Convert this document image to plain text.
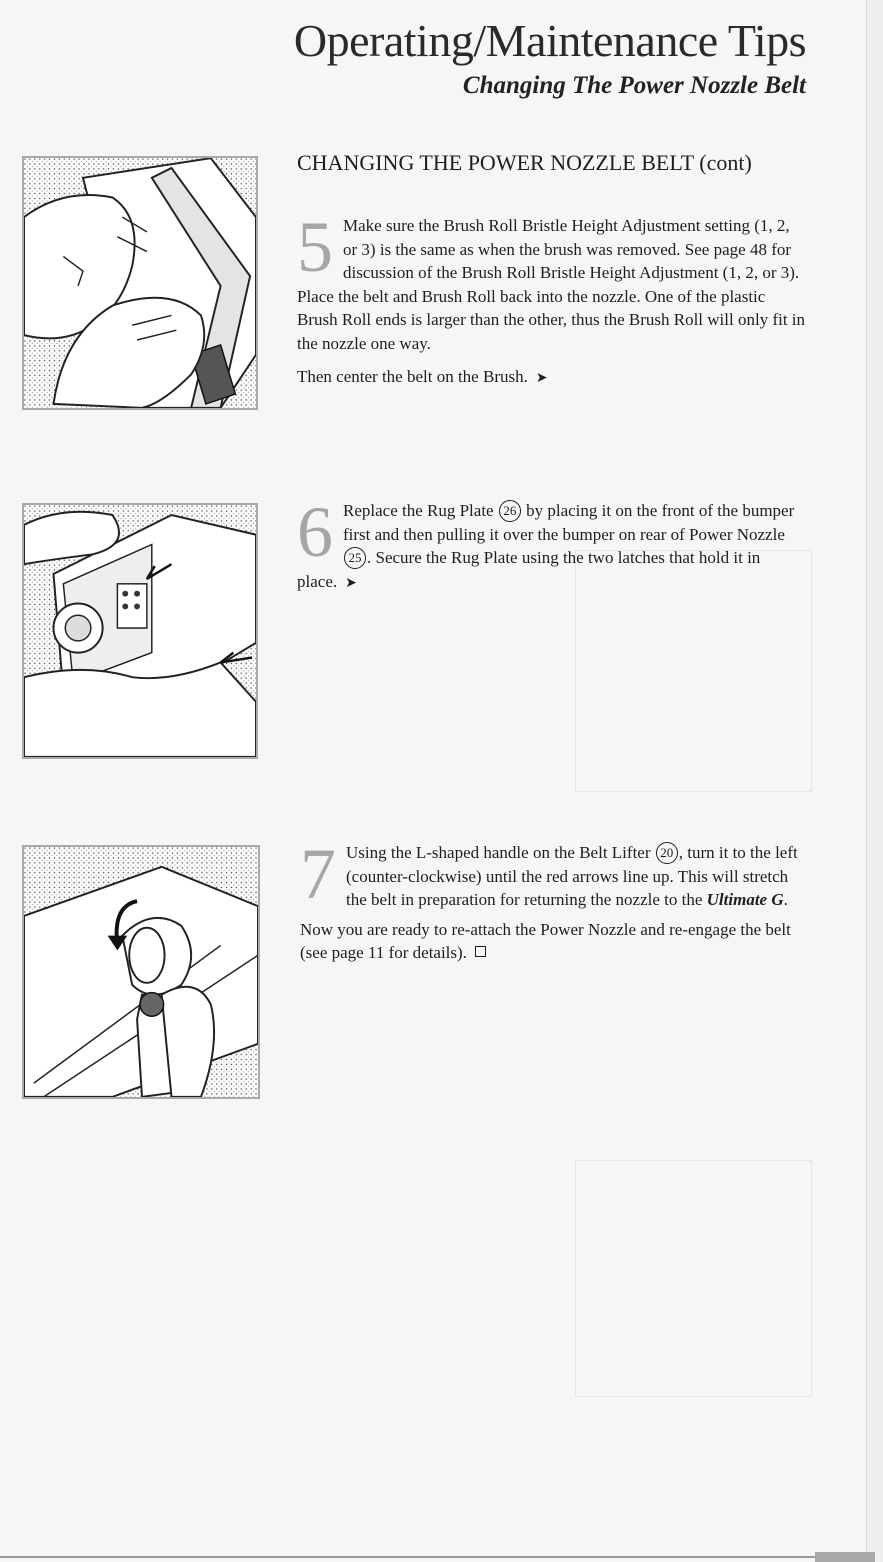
Operating/Maintenance Tips
Changing The Power Nozzle Belt
CHANGING THE POWER NOZZLE BELT (cont)

5 Make sure the Brush Roll Bristle Height Adjustment setting (1, 2, or 3) is the same as when the brush was removed. See page 48 for discussion of the Brush Roll Bristle Height Adjustment (1, 2, or 3). Place the belt and Brush Roll back into the nozzle. One of the plastic Brush Roll ends is larger than the other, thus the Brush Roll will only fit in the nozzle one way.

Then center the belt on the Brush. ➤

6 Replace the Rug Plate 26 by placing it on the front of the bumper first and then pulling it over the bumper on rear of Power Nozzle 25 . Secure the Rug Plate using the two latches that hold it in place. ➤

7 Using the L-shaped handle on the Belt Lifter 20 , turn it to the left (counter-clockwise) until the red arrows line up. This will stretch the belt in preparation for returning the nozzle to the Ultimate G.

Now you are ready to re-attach the Power Nozzle and re-engage the belt (see page 11 for details).
